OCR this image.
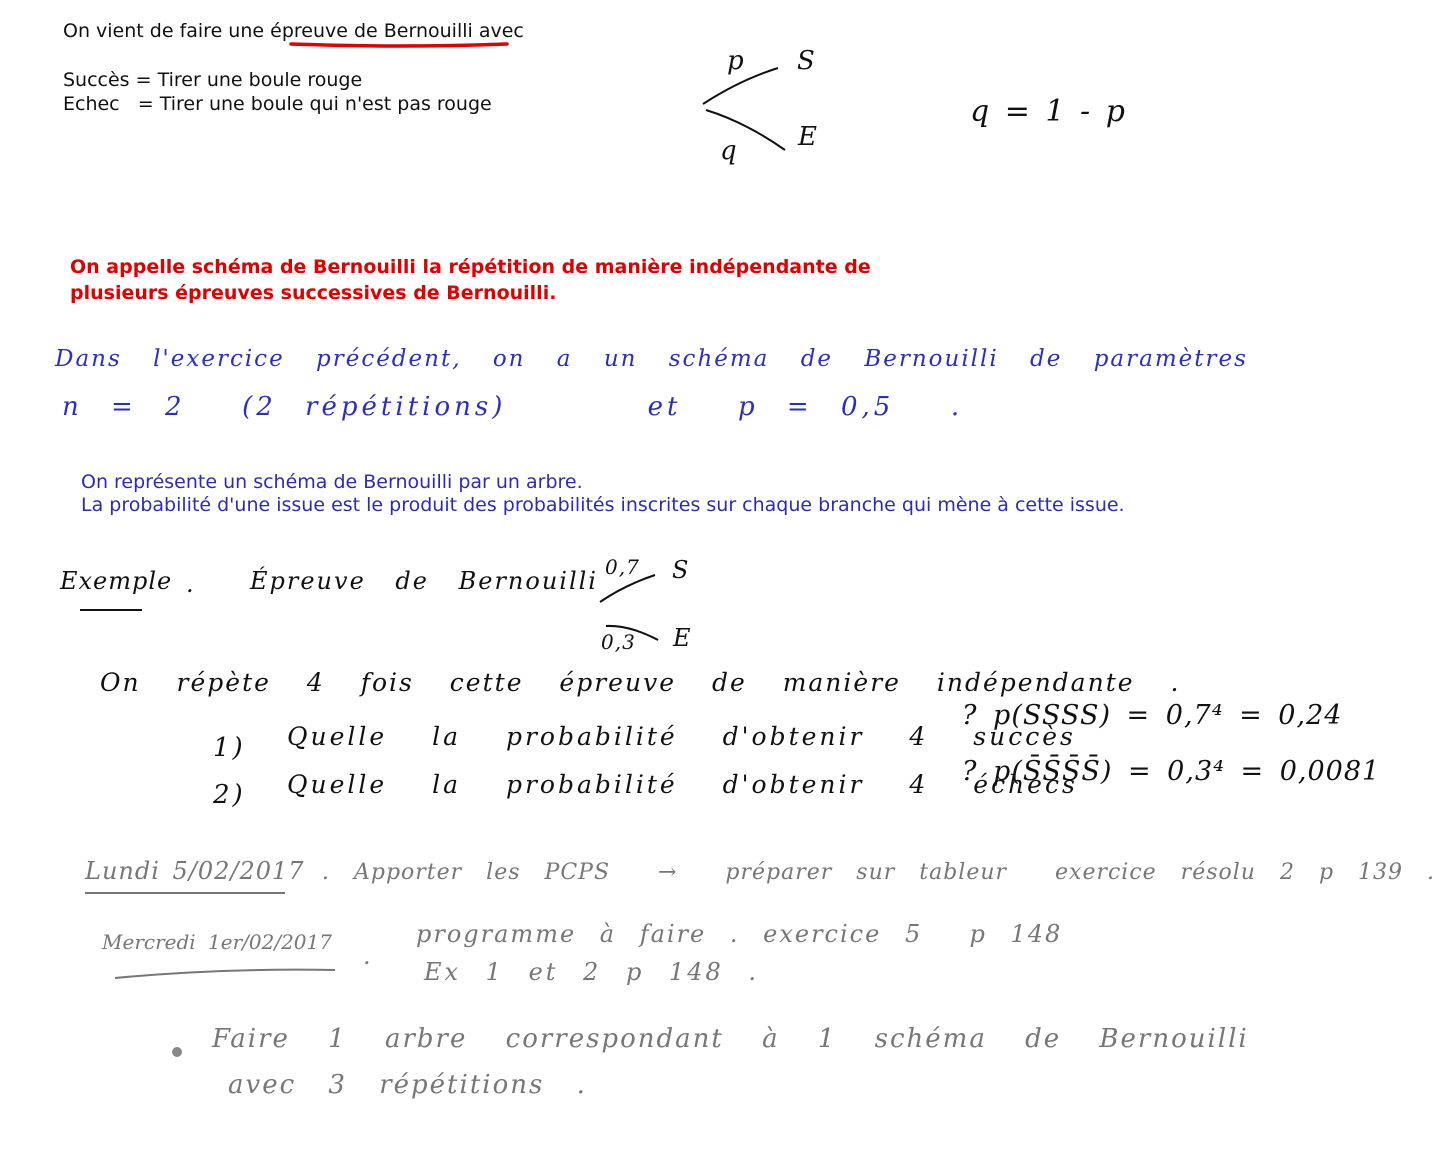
On vient de faire une épreuve de Bernouilli avec
Succès = Tirer une boule rouge
Echec   = Tirer une boule qui n'est pas rouge
p S
q E
q = 1 - p
On appelle schéma de Bernouilli la répétition de manière indépendante de
plusieurs épreuves successives de Bernouilli.
Dans l'exercice précédent, on a un schéma de Bernouilli de paramètres
n = 2  (2 répétitions)     et  p = 0,5  .
On représente un schéma de Bernouilli par un arbre.
La probabilité d'une issue est le produit des probabilités inscrites sur chaque branche qui mène à cette issue.
Exemple . Épreuve de Bernouilli 0,7 S
0,3 E
On répète 4 fois cette épreuve de manière indépendante .
1) Quelle la probabilité d'obtenir 4 succès
? p(SSSS) = 0,7⁴ = 0,24
2) Quelle la probabilité d'obtenir 4 échecs
? p(S̄S̄S̄S̄) = 0,3⁴ = 0,0081
Lundi 5/02/2017 . Apporter les PCPS  →  préparer sur tableur  exercice résolu 2 p 139 .
Mercredi 1er/02/2017 .
programme à faire . exercice 5  p 148
Ex 1 et 2 p 148 .
Faire 1 arbre correspondant à 1 schéma de Bernouilli
avec 3 répétitions .
